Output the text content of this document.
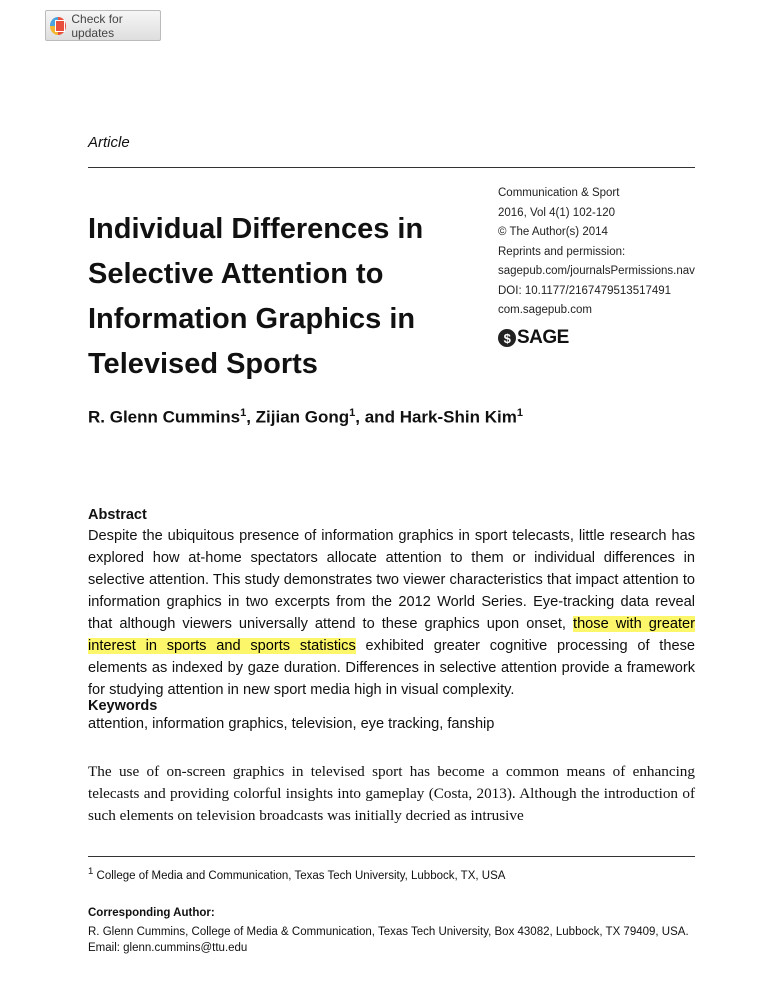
Check for updates
Article
Individual Differences in Selective Attention to Information Graphics in Televised Sports
Communication & Sport
2016, Vol 4(1) 102-120
© The Author(s) 2014
Reprints and permission:
sagepub.com/journalsPermissions.nav
DOI: 10.1177/2167479513517491
com.sagepub.com
$ SAGE
R. Glenn Cummins$^1$, Zijian Gong$^1$, and Hark-Shin Kim$^1$
Abstract
Despite the ubiquitous presence of information graphics in sport telecasts, little research has explored how at-home spectators allocate attention to them or individual differences in selective attention. This study demonstrates two viewer characteristics that impact attention to information graphics in two excerpts from the 2012 World Series. Eye-tracking data reveal that although viewers universally attend to these graphics upon onset, those with greater interest in sports and sports statistics exhibited greater cognitive processing of these elements as indexed by gaze duration. Differences in selective attention provide a framework for studying attention in new sport media high in visual complexity.
Keywords
attention, information graphics, television, eye tracking, fanship
The use of on-screen graphics in televised sport has become a common means of enhancing telecasts and providing colorful insights into gameplay (Costa, 2013). Although the introduction of such elements on television broadcasts was initially decried as intrusive
$^1$ College of Media and Communication, Texas Tech University, Lubbock, TX, USA
Corresponding Author:
R. Glenn Cummins, College of Media & Communication, Texas Tech University, Box 43082, Lubbock, TX 79409, USA.
Email: glenn.cummins@ttu.edu
